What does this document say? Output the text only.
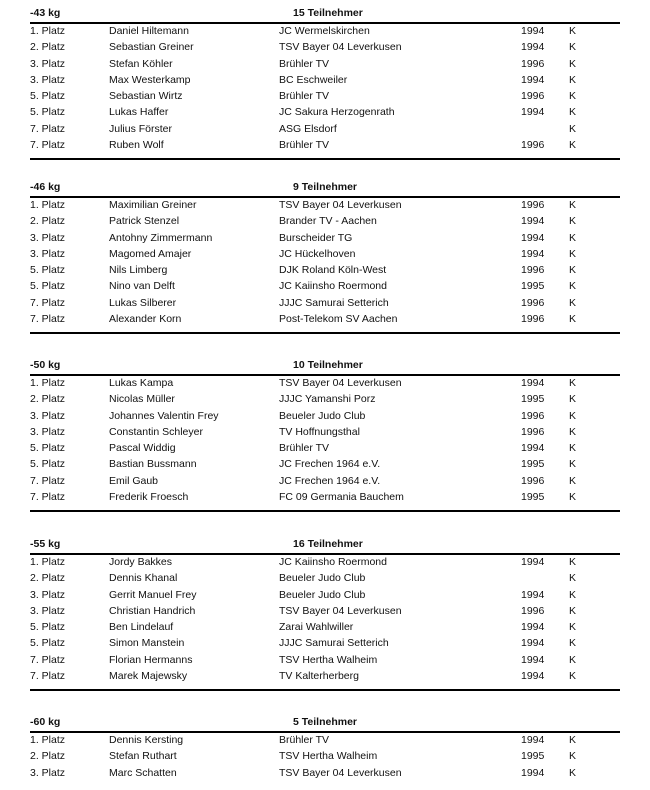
-43 kg	15 Teilnehmer
1. Platz	Daniel Hiltemann	JC Wermelskirchen	1994 K
2. Platz	Sebastian Greiner	TSV Bayer 04 Leverkusen	1994 K
3. Platz	Stefan Köhler	Brühler TV	1996 K
3. Platz	Max Westerkamp	BC Eschweiler	1994 K
5. Platz	Sebastian Wirtz	Brühler TV	1996 K
5. Platz	Lukas Haffer	JC Sakura Herzogenrath	1994 K
7. Platz	Julius Förster	ASG Elsdorf	K
7. Platz	Ruben Wolf	Brühler TV	1996 K
-46 kg	9 Teilnehmer
1. Platz	Maximilian Greiner	TSV Bayer 04 Leverkusen	1996 K
2. Platz	Patrick Stenzel	Brander TV - Aachen	1994 K
3. Platz	Antohny Zimmermann	Burscheider TG	1994 K
3. Platz	Magomed Amajer	JC Hückelhoven	1994 K
5. Platz	Nils Limberg	DJK Roland Köln-West	1996 K
5. Platz	Nino van Delft	JC Kaiinsho Roermond	1995 K
7. Platz	Lukas Silberer	JJJC Samurai Setterich	1996 K
7. Platz	Alexander Korn	Post-Telekom SV Aachen	1996 K
-50 kg	10 Teilnehmer
1. Platz	Lukas Kampa	TSV Bayer 04 Leverkusen	1994 K
2. Platz	Nicolas Müller	JJJC Yamanshi Porz	1995 K
3. Platz	Johannes Valentin Frey	Beueler Judo Club	1996 K
3. Platz	Constantin Schleyer	TV Hoffnungsthal	1996 K
5. Platz	Pascal Widdig	Brühler TV	1994 K
5. Platz	Bastian Bussmann	JC Frechen 1964 e.V.	1995 K
7. Platz	Emil Gaub	JC Frechen 1964 e.V.	1996 K
7. Platz	Frederik Froesch	FC 09 Germania Bauchem	1995 K
-55 kg	16 Teilnehmer
1. Platz	Jordy Bakkes	JC Kaiinsho Roermond	1994 K
2. Platz	Dennis Khanal	Beueler Judo Club	K
3. Platz	Gerrit Manuel Frey	Beueler Judo Club	1994 K
3. Platz	Christian Handrich	TSV Bayer 04 Leverkusen	1996 K
5. Platz	Ben Lindelauf	Zarai Wahlwiller	1994 K
5. Platz	Simon Manstein	JJJC Samurai Setterich	1994 K
7. Platz	Florian Hermanns	TSV Hertha Walheim	1994 K
7. Platz	Marek Majewsky	TV Kalterherberg	1994 K
-60 kg	5 Teilnehmer
1. Platz	Dennis Kersting	Brühler TV	1994 K
2. Platz	Stefan Ruthart	TSV Hertha Walheim	1995 K
3. Platz	Marc Schatten	TSV Bayer 04 Leverkusen	1994 K
